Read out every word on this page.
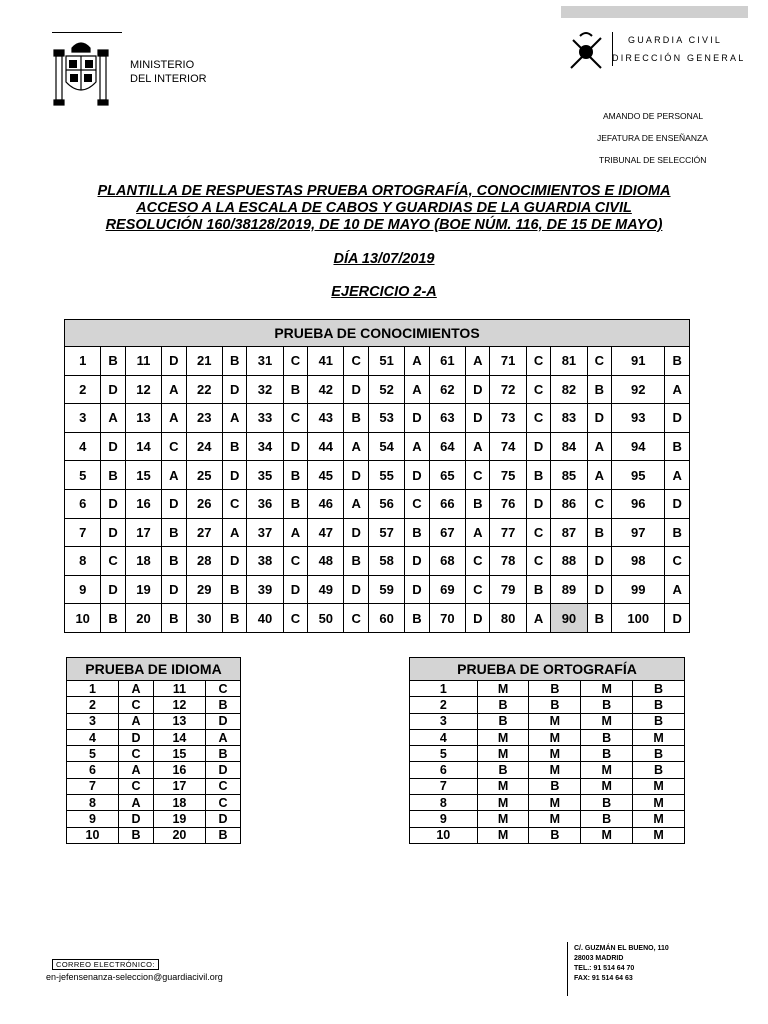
MINISTERIO
DEL INTERIOR
GUARDIA CIVIL
DIRECCIÓN GENERAL
AMANDO DE PERSONAL
JEFATURA DE ENSEÑANZA
TRIBUNAL DE SELECCIÓN
PLANTILLA DE RESPUESTAS PRUEBA ORTOGRAFÍA, CONOCIMIENTOS E IDIOMA
ACCESO A LA ESCALA DE CABOS Y GUARDIAS DE LA GUARDIA CIVIL
RESOLUCIÓN 160/38128/2019, DE 10 DE MAYO (BOE NÚM. 116, DE 15 DE MAYO)
DÍA 13/07/2019
EJERCICIO 2-A
PRUEBA DE CONOCIMIENTOS																			
1	B	11	D	21	B	31	C	41	C	51	A	61	A	71	C	81	C	91	B
2	D	12	A	22	D	32	B	42	D	52	A	62	D	72	C	82	B	92	A
3	A	13	A	23	A	33	C	43	B	53	D	63	D	73	C	83	D	93	D
4	D	14	C	24	B	34	D	44	A	54	A	64	A	74	D	84	A	94	B
5	B	15	A	25	D	35	B	45	D	55	D	65	C	75	B	85	A	95	A
6	D	16	D	26	C	36	B	46	A	56	C	66	B	76	D	86	C	96	D
7	D	17	B	27	A	37	A	47	D	57	B	67	A	77	C	87	B	97	B
8	C	18	B	28	D	38	C	48	B	58	D	68	C	78	C	88	D	98	C
9	D	19	D	29	B	39	D	49	D	59	D	69	C	79	B	89	D	99	A
10	B	20	B	30	B	40	C	50	C	60	B	70	D	80	A	90	B	100	D
PRUEBA DE IDIOMA			
1	A	11	C
2	C	12	B
3	A	13	D
4	D	14	A
5	C	15	B
6	A	16	D
7	C	17	C
8	A	18	C
9	D	19	D
10	B	20	B
PRUEBA DE ORTOGRAFÍA				
1	M	B	M	B
2	B	B	B	B
3	B	M	M	B
4	M	M	B	M
5	M	M	B	B
6	B	M	M	B
7	M	B	M	M
8	M	M	B	M
9	M	M	B	M
10	M	B	M	M
CORREO ELECTRÓNICO:
en-jefensenanza-seleccion@guardiacivil.org
C/. GUZMÁN EL BUENO, 110
28003 MADRID
TEL.: 91 514 64 70
FAX: 91 514 64 63
